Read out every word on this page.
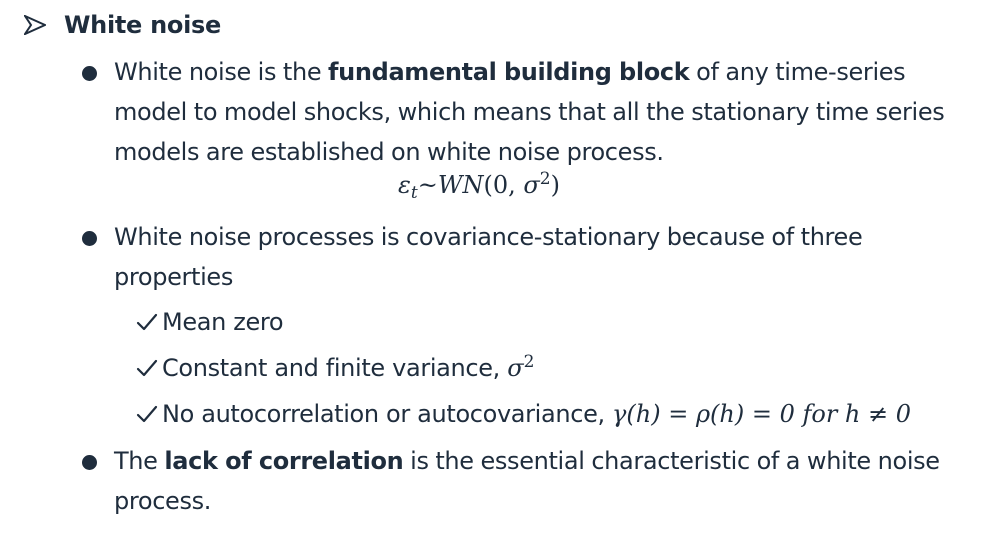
White noise
White noise is the fundamental building block of any time-series model to model shocks, which means that all the stationary time series models are established on white noise process.
$\varepsilon_t\sim WN(0$, $\sigma^2$)
White noise processes is covariance-stationary because of three properties
Mean zero
Constant and finite variance, $\sigma^2$
No autocorrelation or autocovariance, γ(h) = ρ(h) = 0 for h ≠ 0
The lack of correlation is the essential characteristic of a white noise process.
